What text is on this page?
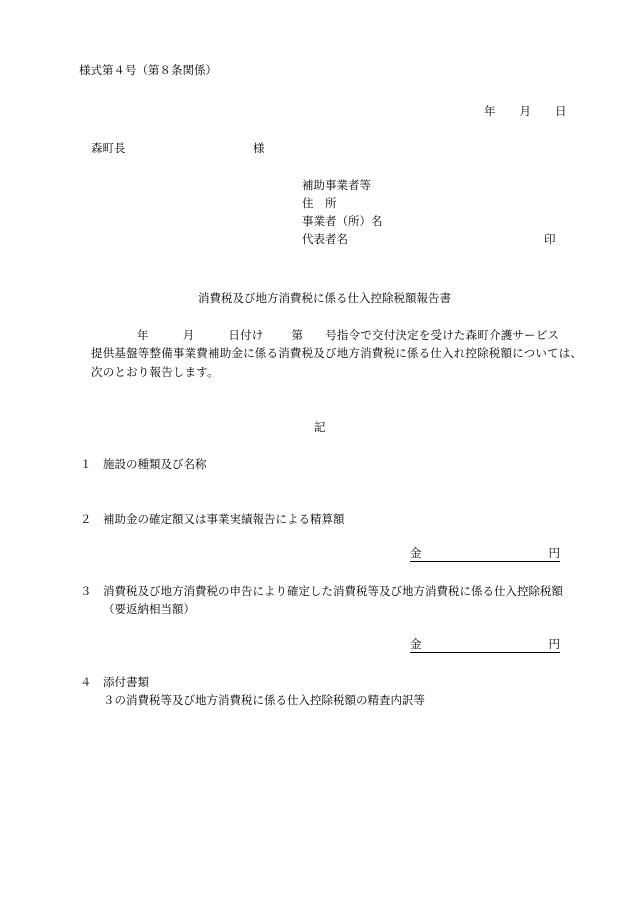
様式第４号（第８条関係）
年 月 日
森町長	様
補助事業者等
住　所
事業者（所）名
代表者名	印
消費税及び地方消費税に係る仕入控除税額報告書
年	月	日付け 第 号指令で交付決定を受けた森町介護サービス
提供基盤等整備事業費補助金に係る消費税及び地方消費税に係る仕入れ控除税額については、
次のとおり報告します。
記
１ 施設の種類及び名称
２ 補助金の確定額又は事業実績報告による精算額
金	円
３ 消費税及び地方消費税の申告により確定した消費税等及び地方消費税に係る仕入控除税額
（要返納相当額）
金	円
４ 添付書類
３の消費税等及び地方消費税に係る仕入控除税額の精査内訳等
